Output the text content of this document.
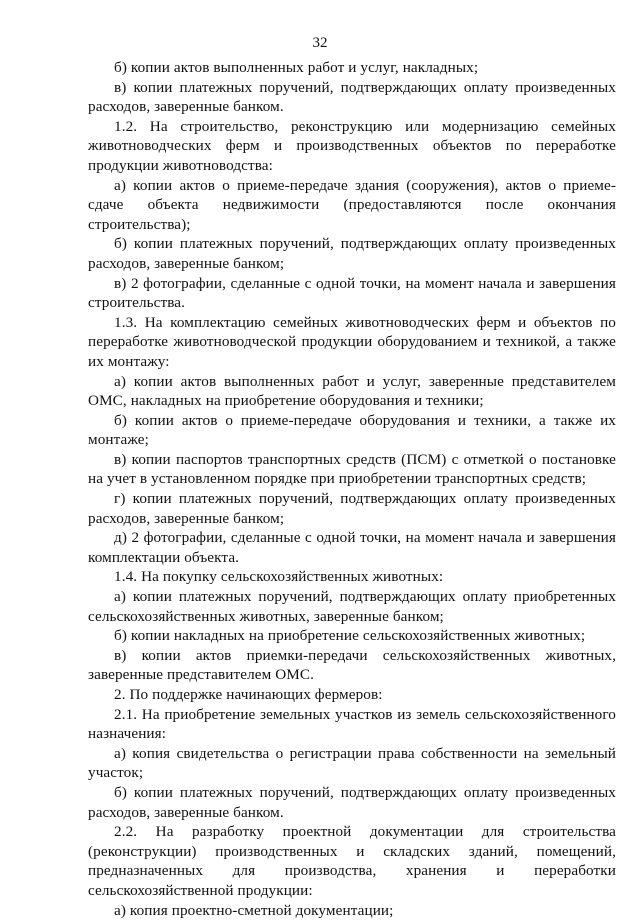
32

б) копии актов выполненных работ и услуг, накладных;

в) копии платежных поручений, подтверждающих оплату произведенных расходов, заверенные банком.

1.2. На строительство, реконструкцию или модернизацию семейных животноводческих ферм и производственных объектов по переработке продукции животноводства:

а) копии актов о приеме-передаче здания (сооружения), актов о приеме-сдаче объекта недвижимости (предоставляются после окончания строительства);

б) копии платежных поручений, подтверждающих оплату произведенных расходов, заверенные банком;

в) 2 фотографии, сделанные с одной точки, на момент начала и завершения строительства.

1.3. На комплектацию семейных животноводческих ферм и объектов по переработке животноводческой продукции оборудованием и техникой, а также их монтажу:

а) копии актов выполненных работ и услуг, заверенные представителем ОМС, накладных на приобретение оборудования и техники;

б) копии актов о приеме-передаче оборудования и техники, а также их монтаже;

в) копии паспортов транспортных средств (ПСМ) с отметкой о постановке на учет в установленном порядке при приобретении транспортных средств;

г) копии платежных поручений, подтверждающих оплату произведенных расходов, заверенные банком;

д) 2 фотографии, сделанные с одной точки, на момент начала и завершения комплектации объекта.

1.4. На покупку сельскохозяйственных животных:

а) копии платежных поручений, подтверждающих оплату приобретенных сельскохозяйственных животных, заверенные банком;

б) копии накладных на приобретение сельскохозяйственных животных;

в) копии актов приемки-передачи сельскохозяйственных животных, заверенные представителем ОМС.

2. По поддержке начинающих фермеров:

2.1. На приобретение земельных участков из земель сельскохозяйственного назначения:

а) копия свидетельства о регистрации права собственности на земельный участок;

б) копии платежных поручений, подтверждающих оплату произведенных расходов, заверенные банком.

2.2. На разработку проектной документации для строительства (реконструкции) производственных и складских зданий, помещений, предназначенных для производства, хранения и переработки сельскохозяйственной продукции:

а) копия проектно-сметной документации;
